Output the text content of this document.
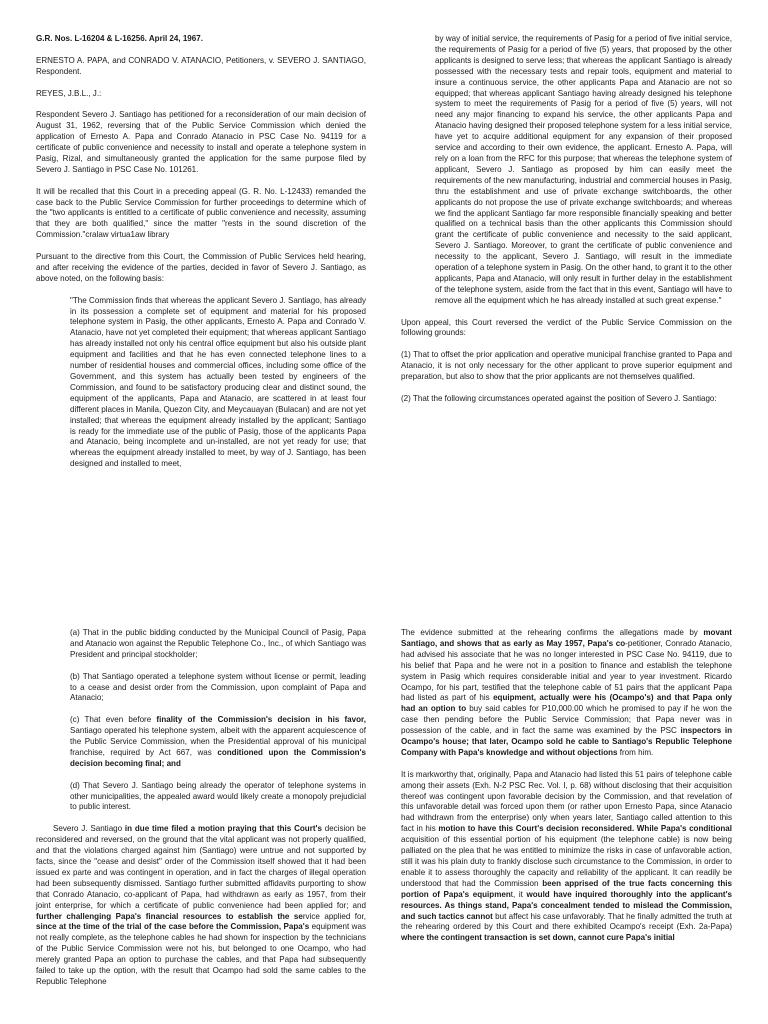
G.R. Nos. L-16204 & L-16256. April 24, 1967.

ERNESTO A. PAPA, and CONRADO V. ATANACIO, Petitioners, v. SEVERO J. SANTIAGO, Respondent.

REYES, J.B.L., J.:

Respondent Severo J. Santiago has petitioned for a reconsideration of our main decision of August 31, 1962, reversing that of the Public Service Commission which denied the application of Ernesto A. Papa and Conrado Atanacio in PSC Case No. 94119 for a certificate of public convenience and necessity to install and operate a telephone system in Pasig, Rizal, and simultaneously granted the application for the same purpose filed by Severo J. Santiago in PSC Case No. 101261.

It will be recalled that this Court in a preceding appeal (G. R. No. L-12433) remanded the case back to the Public Service Commission for further proceedings to determine which of the "two applicants is entitled to a certificate of public convenience and necessity, assuming that they are both qualified," since the matter "rests in the sound discretion of the Commission."cralaw virtua1aw library

Pursuant to the directive from this Court, the Commission of Public Services held hearing, and after receiving the evidence of the parties, decided in favor of Severo J. Santiago, as above noted, on the following basis:

"The Commission finds that whereas the applicant Severo J. Santiago, has already in its possession a complete set of equipment and material for his proposed telephone system in Pasig, the other applicants, Ernesto A. Papa and Conrado V. Atanacio, have not yet completed their equipment; that whereas applicant Santiago has already installed not only his central office equipment but also his outside plant equipment and facilities and that he has even connected telephone lines to a number of residential houses and commercial offices, including some office of the Government, and this system has actually been tested by engineers of the Commission, and found to be satisfactory producing clear and distinct sound, the equipment of the applicants, Papa and Atanacio, are scattered in at least four different places in Manila, Quezon City, and Meycauayan (Bulacan) and are not yet installed; that whereas the equipment already installed by the applicant; Santiago is ready for the immediate use of the public of Pasig, those of the applicants Papa and Atanacio, being incomplete and un-installed, are not yet ready for use; that whereas the equipment already installed to meet, by way of J. Santiago, has been designed and installed to meet,

by way of initial service, the requirements of Pasig for a period of five initial service, the requirements of Pasig for a period of five (5) years, that proposed by the other applicants is designed to serve less; that whereas the applicant Santiago is already possessed with the necessary tests and repair tools, equipment and material to insure a continuous service, the other applicants Papa and Atanacio are not so equipped; that whereas applicant Santiago having already designed his telephone system to meet the requirements of Pasig for a period of five (5) years, will not need any major financing to expand his service, the other applicants Papa and Atanacio having designed their proposed telephone system for a less initial service, have yet to acquire additional equipment for any expansion of their proposed service and according to their own evidence, the applicant. Ernesto A. Papa, will rely on a loan from the RFC for this purpose; that whereas the telephone system of applicant, Severo J. Santiago as proposed by him can easily meet the requirements of the new manufacturing, industrial and commercial houses in Pasig, thru the establishment and use of private exchange switchboards, the other applicants do not propose the use of private exchange switchboards; and whereas we find the applicant Santiago far more responsible financially speaking and better qualified on a technical basis than the other applicants this Commission should grant the certificate of public convenience and necessity to the said applicant, Severo J. Santiago. Moreover, to grant the certificate of public convenience and necessity to the applicant, Severo J. Santiago, will result in the immediate operation of a telephone system in Pasig. On the other hand, to grant it to the other applicants, Papa and Atanacio, will only result in further delay in the establishment of the telephone system, aside from the fact that in this event, Santiago will have to remove all the equipment which he has already installed at such great expense."

Upon appeal, this Court reversed the verdict of the Public Service Commission on the following grounds:

(1) That to offset the prior application and operative municipal franchise granted to Papa and Atanacio, it is not only necessary for the other applicant to prove superior equipment and preparation, but also to show that the prior applicants are not themselves qualified.

(2) That the following circumstances operated against the position of Severo J. Santiago:

(a) That in the public bidding conducted by the Municipal Council of Pasig, Papa and Atanacio won against the Republic Telephone Co., Inc., of which Santiago was President and principal stockholder;

(b) That Santiago operated a telephone system without license or permit, leading to a cease and desist order from the Commission, upon complaint of Papa and Atanacio;

(c) That even before finality of the Commission's decision in his favor, Santiago operated his telephone system, albeit with the apparent acquiescence of the Public Service Commission, when the Presidential approval of his municipal franchise, required by Act 667, was conditioned upon the Commission's decision becoming final; and

(d) That Severo J. Santiago being already the operator of telephone systems in other municipalities, the appealed award would likely create a monopoly prejudicial to public interest.

Severo J. Santiago in due time filed a motion praying that this Court's decision be reconsidered and reversed, on the ground that the vital applicant was not properly qualified, and that the violations charged against him (Santiago) were untrue and not supported by facts, since the "cease and desist" order of the Commission itself showed that it had been issued ex parte and was contingent in operation, and in fact the charges of illegal operation had been subsequently dismissed. Santiago further submitted affidavits purporting to show that Conrado Atanacio, co-applicant of Papa, had withdrawn as early as 1957, from their joint enterprise, for which a certificate of public convenience had been applied for; and further challenging Papa's financial resources to establish the service applied for, since at the time of the trial of the case before the Commission, Papa's equipment was not really complete, as the telephone cables he had shown for inspection by the technicians of the Public Service Commission were not his, but belonged to one Ocampo, who had merely granted Papa an option to purchase the cables, and that Papa had subsequently failed to take up the option, with the result that Ocampo had sold the same cables to the Republic Telephone

The evidence submitted at the rehearing confirms the allegations made by movant Santiago, and shows that as early as May 1957, Papa's co-petitioner, Conrado Atanacio, had advised his associate that he was no longer interested in PSC Case No. 94119, due to his belief that Papa and he were not in a position to finance and establish the telephone system in Pasig which requires considerable initial and year to year investment. Ricardo Ocampo, for his part, testified that the telephone cable of 51 pairs that the applicant Papa had listed as part of his equipment, actually were his (Ocampo's) and that Papa only had an option to buy said cables for P10,000.00 which he promised to pay if he won the case then pending before the Public Service Commission; that Papa never was in possession of the cable, and in fact the same was examined by the PSC inspectors in Ocampo's house; that later, Ocampo sold he cable to Santiago's Republic Telephone Company with Papa's knowledge and without objections from him.

It is markworthy that, originally, Papa and Atanacio had listed this 51 pairs of telephone cable among their assets (Exh. N-2 PSC Rec. Vol. I, p. 68) without disclosing that their acquisition thereof was contingent upon favorable decision by the Commission, and that revelation of this unfavorable detail was forced upon them (or rather upon Ernesto Papa, since Atanacio had withdrawn from the enterprise) only when years later, Santiago called attention to this fact in his motion to have this Court's decision reconsidered. While Papa's conditional acquisition of this essential portion of his equipment (the telephone cable) is now being palliated on the plea that he was entitled to minimize the risks in case of unfavorable action, still it was his plain duty to frankly disclose such circumstance to the Commission, in order to enable it to assess thoroughly the capacity and reliability of the applicant. It can readily be understood that had the Commission been apprised of the true facts concerning this portion of Papa's equipment, it would have inquired thoroughly into the applicant's resources. As things stand, Papa's concealment tended to mislead the Commission, and such tactics cannot but affect his case unfavorably. That he finally admitted the truth at the rehearing ordered by this Court and there exhibited Ocampo's receipt (Exh. 2a-Papa) where the contingent transaction is set down, cannot cure Papa's initial
